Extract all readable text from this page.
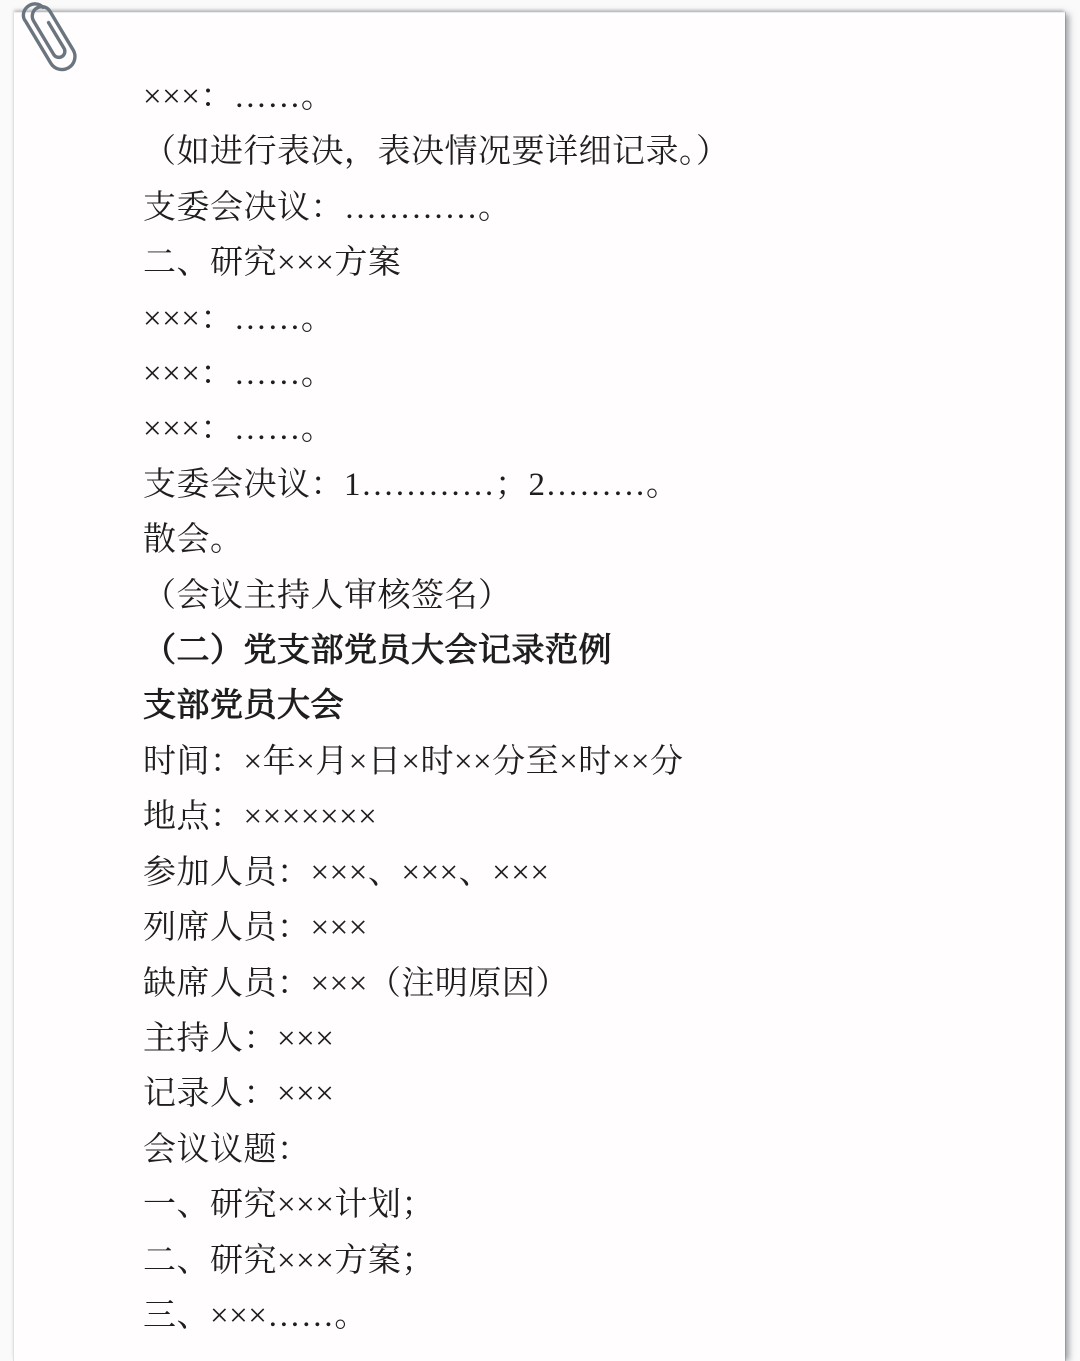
×××：……。
（如进行表决，表决情况要详细记录。）
支委会决议：…………。
二、研究×××方案
×××：……。
×××：……。
×××：……。
支委会决议：1…………；2………。
散会。
（会议主持人审核签名）
（二）党支部党员大会记录范例
支部党员大会
时间：×年×月×日×时××分至×时××分
地点：×××××××
参加人员：×××、×××、×××
列席人员：×××
缺席人员：×××（注明原因）
主持人：×××
记录人：×××
会议议题：
一、研究×××计划；
二、研究×××方案；
三、×××……。
